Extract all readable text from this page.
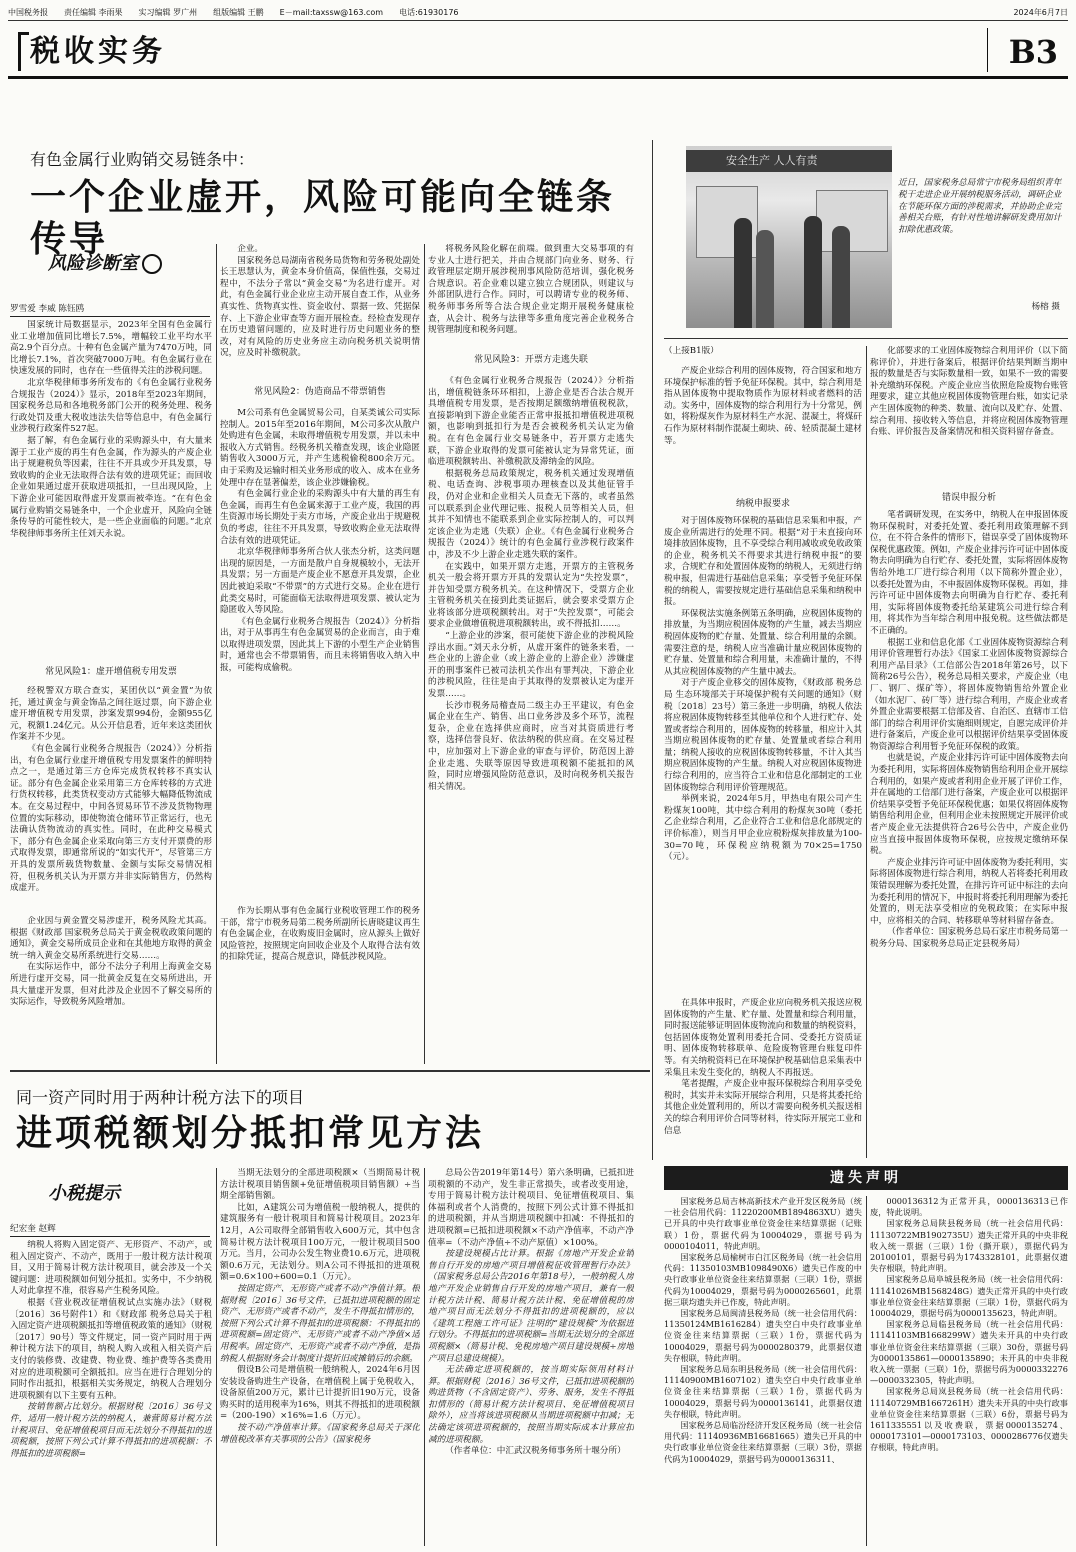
中国税务报 责任编辑 李雨果 实习编辑 罗广州 组版编辑 王鹏 E－mail:taxssw@163.com 电话:61930176	2024年6月7日
税收实务	B3
有色金属行业购销交易链条中：
一个企业虚开，风险可能向全链条传导
风险诊断室
罗雪爱 李威 陈钰鸥

国家统计局数据显示，2023年全国有色金属行业工业增加值同比增长7.5%，增幅较工业平均水平高2.9个百分点。十种有色金属产量为7470万吨，同比增长7.1%，首次突破7000万吨。有色金属行业在快速发展的同时，也存在一些值得关注的涉税问题。

北京华税律师事务所发布的《有色金属行业税务合规报告（2024）》显示，2018年至2023年期间，国家税务总局和各地税务部门公开的税务处理、税务行政处罚及重大税收违法失信等信息中，有色金属行业涉税行政案件527起。

据了解，有色金属行业的采购源头中，有大量来源于工业产废的再生有色金属，作为源头的产废企业出于规避税负等因素，往往不开具或少开具发票，导致收购的企业无法取得合法有效的进项凭证；而回收企业如果通过虚开获取进项抵扣，一旦出现风险，上下游企业可能因取得虚开发票而被牵连。“在有色金属行业购销交易链条中，一个企业虚开，风险向全链条传导的可能性较大，是一些企业面临的问题。”北京华税律师事务所主任刘天永说。

常见风险1：虚开增值税专用发票

经税警双方联合查实，某团伙以“黄金置”为依托，通过黄金与黄金饰品之间往返过票，向下游企业虚开增值税专用发票，涉案发票994份，金额955亿元，税额1.24亿元。从公开信息看，近年来这类团伙作案并不少见。

《有色金属行业税务合规报告（2024）》分析指出，有色金属行业虚开增值税专用发票案件的鲜明特点之一，是通过第三方仓库完成货权转移不真实认证。部分有色金属企业采用第三方仓库转移的方式进行货权转移，此类货权变动方式能够大幅降低物流成本。在交易过程中，中间各贸易环节不涉及货物物理位置的实际移动，即使物流仓储环节正常运行，也无法确认货物流动的真实性。同时，在此种交易模式下，部分有色金属企业采取向第三方支付开票费的形式取得发票，即通常所说的“如实代开”，尽管第三方开具的发票所载货物数量、金额与实际交易情况相符，但税务机关认为开票方并非实际销售方，仍然构成虚开。

企业因与黄金置交易涉虚开，税务风险尤其高。根据《财政部 国家税务总局关于黄金税收政策问题的通知》，黄金交易所成员企业和在其他地方取得的黄金统一纳入黄金交易所系统进行交易……。

在实际运作中，部分不法分子利用上海黄金交易所进行虚开交易，同一批黄金反复在交易所进出，开具大量虚开发票，但对此涉及企业因不了解交易所的实际运作，导致税务风险增加。

企业。

国家税务总局湖南省税务局货物和劳务税处副处长王思慧认为，黄金本身价值高，保值性强，交易过程中，不法分子常以“黄金交易”为名进行虚开。对此，有色金属行业企业应主动开展自查工作，从业务真实性、货物真实性、资金收付、票据一致、凭据保存、上下游企业审查等方面开展检查。经检查发现存在历史遗留问题的，应及时进行历史问题业务的整改，对有风险的历史业务应主动向税务机关说明情况，应及时补缴税款。

常见风险2：伪造商品不带票销售

M公司系有色金属贸易公司，自某类诚公司实际控制人。2015年至2016年期间，M公司多次从散户处购进有色金属，未取得增值税专用发票，并以未申报收入方式销售。经税务机关稽查发现，该企业隐匿销售收入3000万元，并产生逃税偷税800余万元。由于采购及运输时相关业务形成的收入、成本在业务处理中存在显著偏差，该企业涉嫌偷税。

有色金属行业企业的采购源头中有大量的再生有色金属，而再生有色金属来源于工业产废，我国的再生资源市场长期处于卖方市场，产废企业出于规避税负的考虑，往往不开具发票，导致收购企业无法取得合法有效的进项凭证。

北京华税律师事务所合伙人张杰分析，这类问题出现的原因是，一方面是散户自身规模较小，无法开具发票；另一方面是产废企业不愿意开具发票，企业因此被迫采取“不带票”的方式进行交易。企业在进行此类交易时，可能面临无法取得进项发票、被认定为隐匿收入等风险。

《有色金属行业税务合规报告（2024）》分析指出，对于从事再生有色金属贸易的企业而言，由于难以取得进项发票，因此其上下游的小型生产企业销售时，通常也会不带票销售，而且未将销售收入纳入申报，可能构成偷税。

作为长期从事有色金属行业税收管理工作的税务干部，常宁市税务局第二税务所副所长唐晓建议再生有色金属企业，在收购废旧金属时，应从源头上做好风险管控，按照规定向回收企业及个人取得合法有效的扣除凭证，提高合规意识，降低涉税风险。

将税务风险化解在前端。做到重大交易事项的有专业人士进行把关，并由合规部门向业务、财务、行政管理层定期开展涉税刑事风险防范培训，强化税务合规意识。若企业难以建立独立合规团队，则建议与外部团队进行合作。同时，可以聘请专业的税务师、税务师事务所等合法合规企业定期开展税务健康检查，从会计、税务与法律等多重角度完善企业税务合规管理制度和税务问题。

常见风险3：开票方走逃失联

《有色金属行业税务合规报告（2024）》分析指出，增值税链条环环相扣，上游企业是否合法合规开具增值税专用发票，是否按期足额缴纳增值税税款，直接影响到下游企业能否正常申报抵扣增值税进项税额，也影响到抵扣行为是否会被税务机关认定为偷税。在有色金属行业交易链条中，若开票方走逃失联，下游企业取得的发票可能被认定为异常凭证，面临进项税额转出、补缴税款及滞纳金的风险。

根据税务总局政策规定，税务机关通过发现增值税、电话查询、涉税事项办理核查以及其他征管手段，仍对企业和企业相关人员查无下落的，或者虽然可以联系到企业代理记账、报税人员等相关人员，但其并不知情也不能联系到企业实际控制人的，可以判定该企业为走逃（失联）企业。《有色金属行业税务合规报告（2024）》统计的有色金属行业涉税行政案件中，涉及不少上游企业走逃失联的案件。

在实践中，如果开票方走逃，开票方的主管税务机关一般会将开票方开具的发票认定为“失控发票”，并告知受票方税务机关。在这种情况下，受票方企业主管税务机关在接到此类证据后，就会要求受票方企业将该部分进项税额转出。对于“失控发票”，可能会要求企业做增值税进项税额转出，或不得抵扣……。

“上游企业的涉案，很可能使下游企业的涉税风险浮出水面。”刘天永分析，从虚开案件的链条来看，一些企业的上游企业（或上游企业的上游企业）涉嫌虚开的刑事案件已被司法机关作出有罪判决，下游企业的涉税风险，往往是由于其取得的发票被认定为虚开发票……。

长沙市税务局稽查局二级主办王平建议，有色金属企业在生产、销售、出口业务涉及多个环节，流程复杂，企业在选择供应商时，应当对其资质进行考察，选择信誉良好、依法纳税的供应商。在交易过程中，应加强对上下游企业的审查与评价，防范因上游企业走逃、失联等原因导致进项税额不能抵扣的风险，同时应增强风险防范意识，及时向税务机关报告相关情况。

安全生产 人人有责
近日，国家税务总局常宁市税务局组织青年税干走进企业开展纳税服务活动，调研企业在节能环保方面的涉税需求，并协助企业完善相关台账，有针对性地讲解研发费用加计扣除优惠政策。
杨榕 摄

（上接B1版）

产废企业综合利用的固体废物，符合国家和地方环境保护标准的暂予免征环保税。其中，综合利用是指从固体废物中提取物质作为原材料或者燃料的活动。实务中，固体废物的综合利用行为十分常见，例如，将粉煤灰作为原材料生产水泥、混凝土，将煤矸石作为原材料制作混凝土砌块、砖、轻质混凝土建材等。

纳税申报要求

对于固体废物环保税的基础信息采集和申报，产废企业所需进行的处理不同。根据“对于未直接向环境排放固体废物，且不享受综合利用减收或免收政策的企业，税务机关不得要求其进行纳税申报”的要求，合规贮存和处置固体废物的纳税人，无须进行纳税申报，但需进行基础信息采集；享受暂予免征环保税的纳税人，需要按规定进行基础信息采集和纳税申报。

环保税法实施条例第五条明确，应税固体废物的排放量，为当期应税固体废物的产生量，减去当期应税固体废物的贮存量、处置量、综合利用量的余额。需要注意的是，纳税人应当准确计量应税固体废物的贮存量、处置量和综合利用量，未准确计量的，不得从其应税固体废物的产生量中减去。

对于产废企业移交的固体废物，《财政部 税务总局 生态环境部关于环境保护税有关问题的通知》（财税〔2018〕23号）第三条进一步明确，纳税人依法将应税固体废物转移至其他单位和个人进行贮存、处置或者综合利用的，固体废物的转移量，相应计入其当期应税固体废物的贮存量、处置量或者综合利用量；纳税人接收的应税固体废物转移量，不计入其当期应税固体废物的产生量。纳税人对应税固体废物进行综合利用的，应当符合工业和信息化部制定的工业固体废物综合利用评价管理规范。

举例来说，2024年5月，甲热电有限公司产生粉煤灰100吨，其中综合利用的粉煤灰30吨（委托乙企业综合利用，乙企业符合工业和信息化部规定的评价标准），则当月甲企业应税粉煤灰排放量为100-30=70吨，环保税应纳税额为70×25=1750（元）。

在具体申报时，产废企业应向税务机关报送应税固体废物的产生量、贮存量、处置量和综合利用量，同时报送能够证明固体废物流向和数量的纳税资料，包括固体废物处置利用委托合同、受委托方资质证明、固体废物转移联单、危险废物管理台账复印件等。有关纳税资料已在环境保护税基础信息采集表中采集且未发生变化的，纳税人不再报送。

笔者提醒，产废企业申报环保税综合利用享受免税时，其实并未实际开展综合利用，只是将其委托给其他企业处置利用的，所以才需要向税务机关报送相关的综合利用评价合同等材料，待实际开展完工业和信息

化部要求的工业固体废物综合利用评价（以下简称评价），并进行备案后，根据评价结果判断当期申报的数量是否与实际数量相一致，如果不一致的需要补充缴纳环保税。产废企业应当依照危险废物台账管理要求，建立其他应税固体废物管理台账，如实记录产生固体废物的种类、数量、流向以及贮存、处置、综合利用、接收转入等信息，并将应税固体废物管理台账、评价报告及备案情况和相关资料留存备查。

错误申报分析

笔者调研发现，在实务中，纳税人在申报固体废物环保税时，对委托处置、委托利用政策理解不到位，在不符合条件的情形下，错误享受了固体废物环保税优惠政策。例如，产废企业排污许可证中固体废物去向明确为自行贮存、委托处置，实际将固体废物售给外地工厂进行综合利用（以下简称外置企业），以委托处置为由，不申报固体废物环保税。再如，排污许可证中固体废物去向明确为自行贮存、委托利用，实际将固体废物委托给某建筑公司进行综合利用，将其作为当年综合利用申报免税。这些做法都是不正确的。

根据工业和信息化部《工业固体废物资源综合利用评价管理暂行办法》《国家工业固体废物资源综合利用产品目录》（工信部公告2018年第26号，以下简称26号公告），税务总局相关要求，产废企业（电厂、钢厂、煤矿等），将固体废物销售给外置企业（如水泥厂、砖厂等）进行综合利用，产废企业或者外置企业需要根据工信部及省、自治区、直辖市工信部门的综合利用评价实施细则规定，自愿完成评价并进行备案后，产废企业可以根据评价结果享受固体废物资源综合利用暂予免征环保税的政策。

也就是说，产废企业排污许可证中固体废物去向为委托利用，实际将固体废物销售给利用企业开展综合利用的，如果产废或者利用企业开展了评价工作，并在属地的工信部门进行备案，产废企业可以根据评价结果享受暂予免征环保税优惠；如果仅将固体废物销售给利用企业，但利用企业未按照规定开展评价或者产废企业无法提供符合26号公告中，产废企业仍应当直接申报固体废物环保税，应按规定缴纳环保税。

产废企业排污许可证中固体废物为委托利用，实际将固体废物进行综合利用，纳税人若将委托利用政策错误理解为委托处置，在排污许可证中标注的去向为委托利用的情况下，申报时将委托利用理解为委托处置的，则无法享受相应的免税政策；在实际申报中，应将相关的合同、转移联单等材料留存备查。

（作者单位：国家税务总局石家庄市税务局第一税务分局、国家税务总局正定县税务局）

同一资产同时用于两种计税方法下的项目
进项税额划分抵扣常见方法
小税提示
纪宏奎 赵辉

纳税人将购入固定资产、无形资产、不动产，或租入固定资产、不动产，既用于一般计税方法计税项目，又用于简易计税方法计税项目，就会涉及一个关键问题：进项税额如何划分抵扣。实务中，不少纳税人对此拿捏不准，很容易产生税务风险。

根据《营业税改征增值税试点实施办法》（财税〔2016〕36号附件1）和《财政部 税务总局关于租入固定资产进项税额抵扣等增值税政策的通知》（财税〔2017〕90号）等文件规定，同一资产同时用于两种计税方法下的项目，纳税人购入或租入相关资产后支付的装修费、改建费、物业费、维护费等各类费用对应的进项税额可全额抵扣。应当在进行合理划分的同时作出抵扣，根据相关实务规定，纳税人合理划分进项税额有以下主要有五种。

按销售额占比划分。根据财税〔2016〕36号文件，适用一般计税方法的纳税人，兼营简易计税方法计税项目、免征增值税项目而无法划分不得抵扣的进项税额，按照下列公式计算不得抵扣的进项税额：不得抵扣的进项税额=

当期无法划分的全部进项税额×（当期简易计税方法计税项目销售额+免征增值税项目销售额）÷当期全部销售额。

比如，A建筑公司为增值税一般纳税人，提供的建筑服务有一般计税项目和简易计税项目。2023年12月，A公司取得全部销售收入600万元，其中包含简易计税方法计税项目100万元，一般计税项目500万元。当月，公司办公发生物业费10.6万元，进项税额0.6万元，无法划分。则A公司不得抵扣的进项税额=0.6×100÷600=0.1（万元）。

按固定资产、无形资产或者不动产净值计算。根据财税〔2016〕36号文件，已抵扣进项税额的固定资产、无形资产或者不动产，发生不得抵扣情形的，按照下列公式计算不得抵扣的进项税额：不得抵扣的进项税额=固定资产、无形资产或者不动产净值×适用税率。固定资产、无形资产或者不动产净值，是指纳税人根据财务会计制度计提折旧或摊销后的余额。

假设B公司是增值税一般纳税人，2024年6月因安装设备购进生产设备，在增值税上属于免税收入，设备原值200万元，累计已计提折旧190万元，设备购买时的适用税率为16%，则其不得抵扣的进项税额=（200-190）×16%=1.6（万元）。

按不动产净值率计算。《国家税务总局关于深化增值税改革有关事项的公告》（国家税务

总局公告2019年第14号）第六条明确，已抵扣进项税额的不动产，发生非正常损失，或者改变用途，专用于简易计税方法计税项目、免征增值税项目、集体福利或者个人消费的，按照下列公式计算不得抵扣的进项税额，并从当期进项税额中扣减：不得抵扣的进项税额=已抵扣进项税额×不动产净值率，不动产净值率=（不动产净值÷不动产原值）×100%。

按建设规模占比计算。根据《房地产开发企业销售自行开发的房地产项目增值税征收管理暂行办法》（国家税务总局公告2016年第18号），一般纳税人房地产开发企业销售自行开发的房地产项目，兼有一般计税方法计税、简易计税方法计税、免征增值税的房地产项目而无法划分不得抵扣的进项税额的，应以《建筑工程施工许可证》注明的“建设规模”为依据进行划分。不得抵扣的进项税额=当期无法划分的全部进项税额×（简易计税、免税房地产项目建设规模÷房地产项目总建设规模）。

无法确定进项税额的，按当期实际领用材料计算。根据财税〔2016〕36号文件，已抵扣进项税额的购进货物（不含固定资产）、劳务、服务，发生不得抵扣情形的（简易计税方法计税项目、免征增值税项目除外），应当将该进项税额从当期进项税额中扣减；无法确定该项进项税额的，按照当期实际成本计算应扣减的进项税额。

（作者单位：中汇武汉税务师事务所十堰分所）

遗失声明

国家税务总局吉林高新技术产业开发区税务局（统一社会信用代码：11220200MB1894863XU）遗失已开具的中央行政事业单位资金往来结算票据（记账联）1份，票据代码为10004029，票据号码为0000104011，特此声明。

国家税务总局榆树市白江区税务局（统一社会信用代码：11350103MB1098490X6）遗失已作废的中央行政事业单位资金往来结算票据（三联）1份，票据代码为10004029，票据号码为0000265601，此票据三联均遗失并已作废，特此声明。

国家税务总局闽清县税务局（统一社会信用代码：11350124MB1616284）遗失空白中央行政事业单位资金往来结算票据（三联）1份，票据代码为10004029，票据号码为0000280379，此票据仅遗失存根联，特此声明。

国家税务总局东明县税务局（统一社会信用代码：11140900MB1607102）遗失空白中央行政事业单位资金往来结算票据（三联）1份，票据代码为10004029，票据号码为0000136141，此票据仅遗失存根联，特此声明。

国家税务总局临汾经济开发区税务局（统一社会信用代码：11140936MB16681665）遗失已开具的中央行政事业单位资金往来结算票据（三联）3份，票据代码为10004029，票据号码为0000136311、

0000136312为正常开具，0000136313已作废，特此说明。

国家税务总局陕县税务局（统一社会信用代码：11130722MB1902735U）遗失正常开具的中央非税收入统一票据（三联）1份（撕开联），票据代码为20100101，票据号码为1743328101，此票据仅遗失存根联，特此声明。

国家税务总局阜城县税务局（统一社会信用代码：11141026MB1568248G）遗失正常开具的中央行政事业单位资金往来结算票据（三联）1份，票据代码为10004029，票据号码为0000135623，特此声明。

国家税务总局临县税务局（统一社会信用代码：11141103MB1668299W）遗失未开具的中央行政事业单位资金往来结算票据（三联）30份，票据号码为0000135861—0000135890；未开具的中央非税收入统一票据（三联）1份，票据号码为0000332276—0000332305，特此声明。

国家税务总局岚县税务局（统一社会信用代码：11140729MB1667261H）遗失未开具的中央行政事业单位资金往来结算票据（三联）6份，票据号码为1611335551以及收费联，票据0000135274、0000173101—0000173103、0000286776仅遗失存根联，特此声明。
